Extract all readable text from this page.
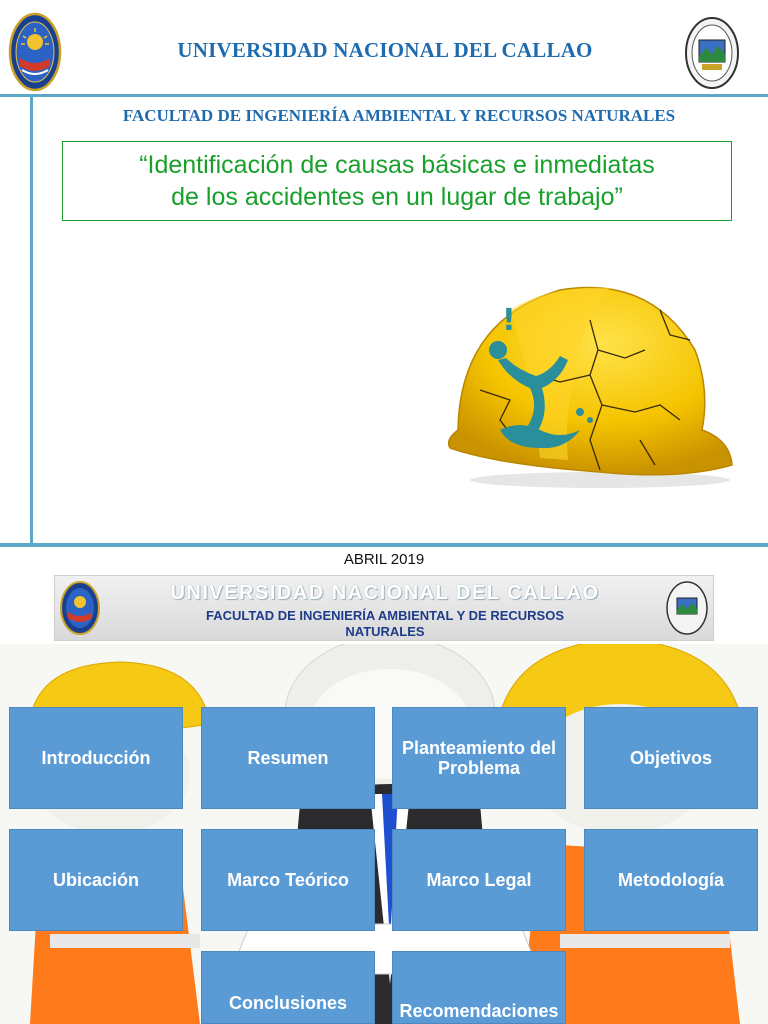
UNIVERSIDAD NACIONAL DEL CALLAO
FACULTAD DE INGENIERÍA AMBIENTAL Y RECURSOS NATURALES
“Identificación de causas básicas e inmediatas
de los accidentes en un lugar de trabajo”
!
ABRIL 2019
UNIVERSIDAD NACIONAL DEL CALLAO
FACULTAD DE INGENIERÍA AMBIENTAL Y DE RECURSOS
NATURALES
Introducción	Resumen	Planteamiento del Problema	Objetivos
Ubicación	Marco Teórico	Marco Legal	Metodología
Conclusiones	Recomendaciones
